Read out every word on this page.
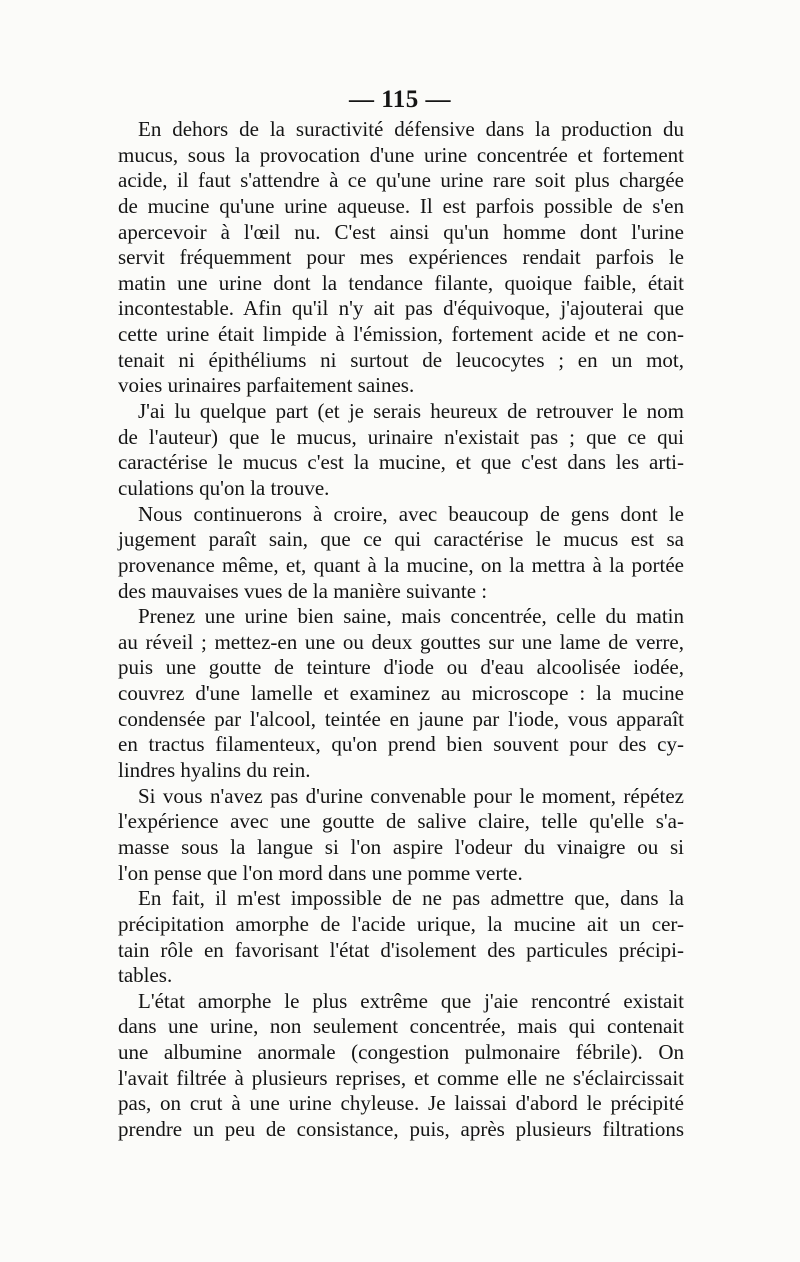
— 115 —
En dehors de la suractivité défensive dans la production du
mucus, sous la provocation d'une urine concentrée et fortement
acide, il faut s'attendre à ce qu'une urine rare soit plus chargée
de mucine qu'une urine aqueuse. Il est parfois possible de s'en
apercevoir à l'œil nu. C'est ainsi qu'un homme dont l'urine
servit fréquemment pour mes expériences rendait parfois le
matin une urine dont la tendance filante, quoique faible, était
incontestable. Afin qu'il n'y ait pas d'équivoque, j'ajouterai que
cette urine était limpide à l'émission, fortement acide et ne con-
tenait ni épithéliums ni surtout de leucocytes ; en un mot,
voies urinaires parfaitement saines.
J'ai lu quelque part (et je serais heureux de retrouver le nom
de l'auteur) que le mucus, urinaire n'existait pas ; que ce qui
caractérise le mucus c'est la mucine, et que c'est dans les arti-
culations qu'on la trouve.
Nous continuerons à croire, avec beaucoup de gens dont le
jugement paraît sain, que ce qui caractérise le mucus est sa
provenance même, et, quant à la mucine, on la mettra à la portée
des mauvaises vues de la manière suivante :
Prenez une urine bien saine, mais concentrée, celle du matin
au réveil ; mettez-en une ou deux gouttes sur une lame de verre,
puis une goutte de teinture d'iode ou d'eau alcoolisée iodée,
couvrez d'une lamelle et examinez au microscope : la mucine
condensée par l'alcool, teintée en jaune par l'iode, vous apparaît
en tractus filamenteux, qu'on prend bien souvent pour des cy-
lindres hyalins du rein.
Si vous n'avez pas d'urine convenable pour le moment, répétez
l'expérience avec une goutte de salive claire, telle qu'elle s'a-
masse sous la langue si l'on aspire l'odeur du vinaigre ou si
l'on pense que l'on mord dans une pomme verte.
En fait, il m'est impossible de ne pas admettre que, dans la
précipitation amorphe de l'acide urique, la mucine ait un cer-
tain rôle en favorisant l'état d'isolement des particules précipi-
tables.
L'état amorphe le plus extrême que j'aie rencontré existait
dans une urine, non seulement concentrée, mais qui contenait
une albumine anormale (congestion pulmonaire fébrile). On
l'avait filtrée à plusieurs reprises, et comme elle ne s'éclaircissait
pas, on crut à une urine chyleuse. Je laissai d'abord le précipité
prendre un peu de consistance, puis, après plusieurs filtrations
